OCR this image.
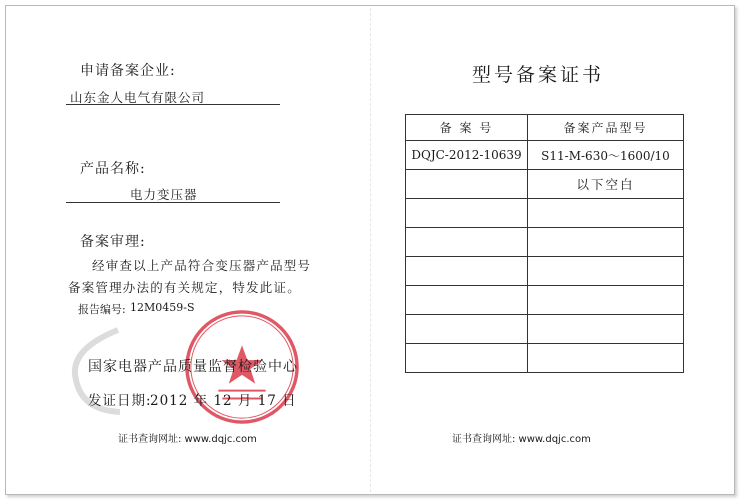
申请备案企业:
山东金人电气有限公司
产品名称:
电力变压器
备案审理:
经审查以上产品符合变压器产品型号
备案管理办法的有关规定，特发此证。
报告编号: 12M0459-S
国家电器产品质量监督检验中心
发证日期:
2012 年 12 月 17 日
证书查询网址: www.dqjc.com
型号备案证书
备 案 号	备案产品型号
DQJC-2012-10639	S11-M-630～1600/10
	以下空白

证书查询网址: www.dqjc.com
